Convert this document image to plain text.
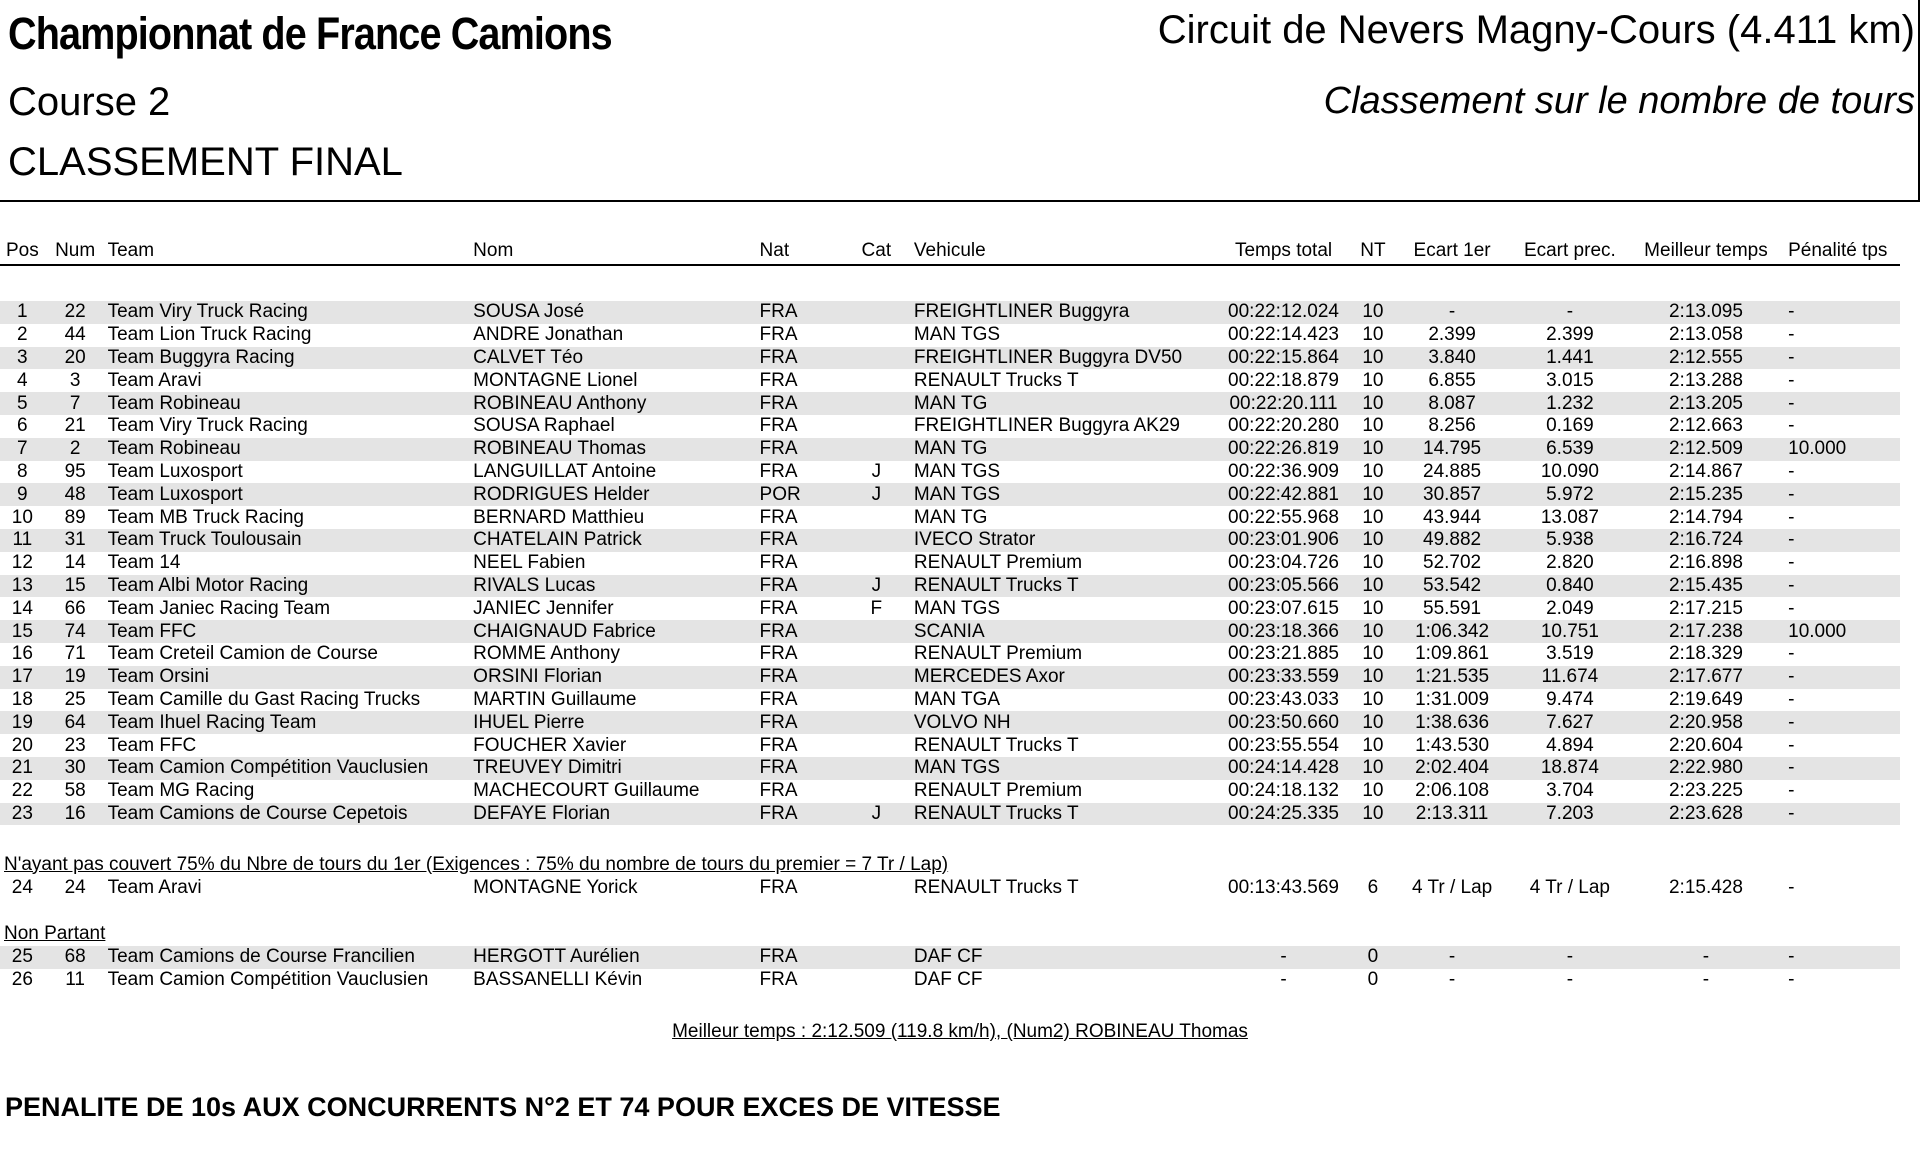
Championnat de France Camions	Circuit de Nevers Magny-Cours (4.411 km)
Course 2	Classement sur le nombre de tours
CLASSEMENT FINAL
Pos	Num	Team	Nom	Nat	Cat	Vehicule	Temps total	NT	Ecart 1er	Ecart prec.	Meilleur temps	Pénalité tps

1	22	Team Viry Truck Racing	SOUSA José	FRA		FREIGHTLINER Buggyra	00:22:12.024	10	-	-	2:13.095	-
2	44	Team Lion Truck Racing	ANDRE Jonathan	FRA		MAN TGS	00:22:14.423	10	2.399	2.399	2:13.058	-
3	20	Team Buggyra Racing	CALVET Téo	FRA		FREIGHTLINER Buggyra DV50	00:22:15.864	10	3.840	1.441	2:12.555	-
4	3	Team Aravi	MONTAGNE Lionel	FRA		RENAULT Trucks T	00:22:18.879	10	6.855	3.015	2:13.288	-
5	7	Team Robineau	ROBINEAU Anthony	FRA		MAN TG	00:22:20.111	10	8.087	1.232	2:13.205	-
6	21	Team Viry Truck Racing	SOUSA Raphael	FRA		FREIGHTLINER Buggyra AK29	00:22:20.280	10	8.256	0.169	2:12.663	-
7	2	Team Robineau	ROBINEAU Thomas	FRA		MAN TG	00:22:26.819	10	14.795	6.539	2:12.509	10.000
8	95	Team Luxosport	LANGUILLAT Antoine	FRA	J	MAN TGS	00:22:36.909	10	24.885	10.090	2:14.867	-
9	48	Team Luxosport	RODRIGUES Helder	POR	J	MAN TGS	00:22:42.881	10	30.857	5.972	2:15.235	-
10	89	Team MB Truck Racing	BERNARD Matthieu	FRA		MAN TG	00:22:55.968	10	43.944	13.087	2:14.794	-
11	31	Team Truck Toulousain	CHATELAIN Patrick	FRA		IVECO Strator	00:23:01.906	10	49.882	5.938	2:16.724	-
12	14	Team 14	NEEL Fabien	FRA		RENAULT Premium	00:23:04.726	10	52.702	2.820	2:16.898	-
13	15	Team Albi Motor Racing	RIVALS Lucas	FRA	J	RENAULT Trucks T	00:23:05.566	10	53.542	0.840	2:15.435	-
14	66	Team Janiec Racing Team	JANIEC Jennifer	FRA	F	MAN TGS	00:23:07.615	10	55.591	2.049	2:17.215	-
15	74	Team FFC	CHAIGNAUD Fabrice	FRA		SCANIA	00:23:18.366	10	1:06.342	10.751	2:17.238	10.000
16	71	Team Creteil Camion de Course	ROMME Anthony	FRA		RENAULT Premium	00:23:21.885	10	1:09.861	3.519	2:18.329	-
17	19	Team Orsini	ORSINI Florian	FRA		MERCEDES Axor	00:23:33.559	10	1:21.535	11.674	2:17.677	-
18	25	Team Camille du Gast Racing Trucks	MARTIN Guillaume	FRA		MAN TGA	00:23:43.033	10	1:31.009	9.474	2:19.649	-
19	64	Team Ihuel Racing Team	IHUEL Pierre	FRA		VOLVO NH	00:23:50.660	10	1:38.636	7.627	2:20.958	-
20	23	Team FFC	FOUCHER Xavier	FRA		RENAULT Trucks T	00:23:55.554	10	1:43.530	4.894	2:20.604	-
21	30	Team Camion Compétition Vauclusien	TREUVEY Dimitri	FRA		MAN TGS	00:24:14.428	10	2:02.404	18.874	2:22.980	-
22	58	Team MG Racing	MACHECOURT Guillaume	FRA		RENAULT Premium	00:24:18.132	10	2:06.108	3.704	2:23.225	-
23	16	Team Camions de Course Cepetois	DEFAYE Florian	FRA	J	RENAULT Trucks T	00:24:25.335	10	2:13.311	7.203	2:23.628	-

N'ayant pas couvert 75% du Nbre de tours du 1er (Exigences : 75% du nombre de tours du premier = 7 Tr / Lap)												
24	24	Team Aravi	MONTAGNE Yorick	FRA		RENAULT Trucks T	00:13:43.569	6	4 Tr / Lap	4 Tr / Lap	2:15.428	-

Non Partant												
25	68	Team Camions de Course Francilien	HERGOTT Aurélien	FRA		DAF CF	-	0	-	-	-	-
26	11	Team Camion Compétition Vauclusien	BASSANELLI Kévin	FRA		DAF CF	-	0	-	-	-	-
Meilleur temps : 2:12.509 (119.8 km/h), (Num2) ROBINEAU Thomas
PENALITE DE 10s AUX CONCURRENTS N°2 ET 74 POUR EXCES DE VITESSE
